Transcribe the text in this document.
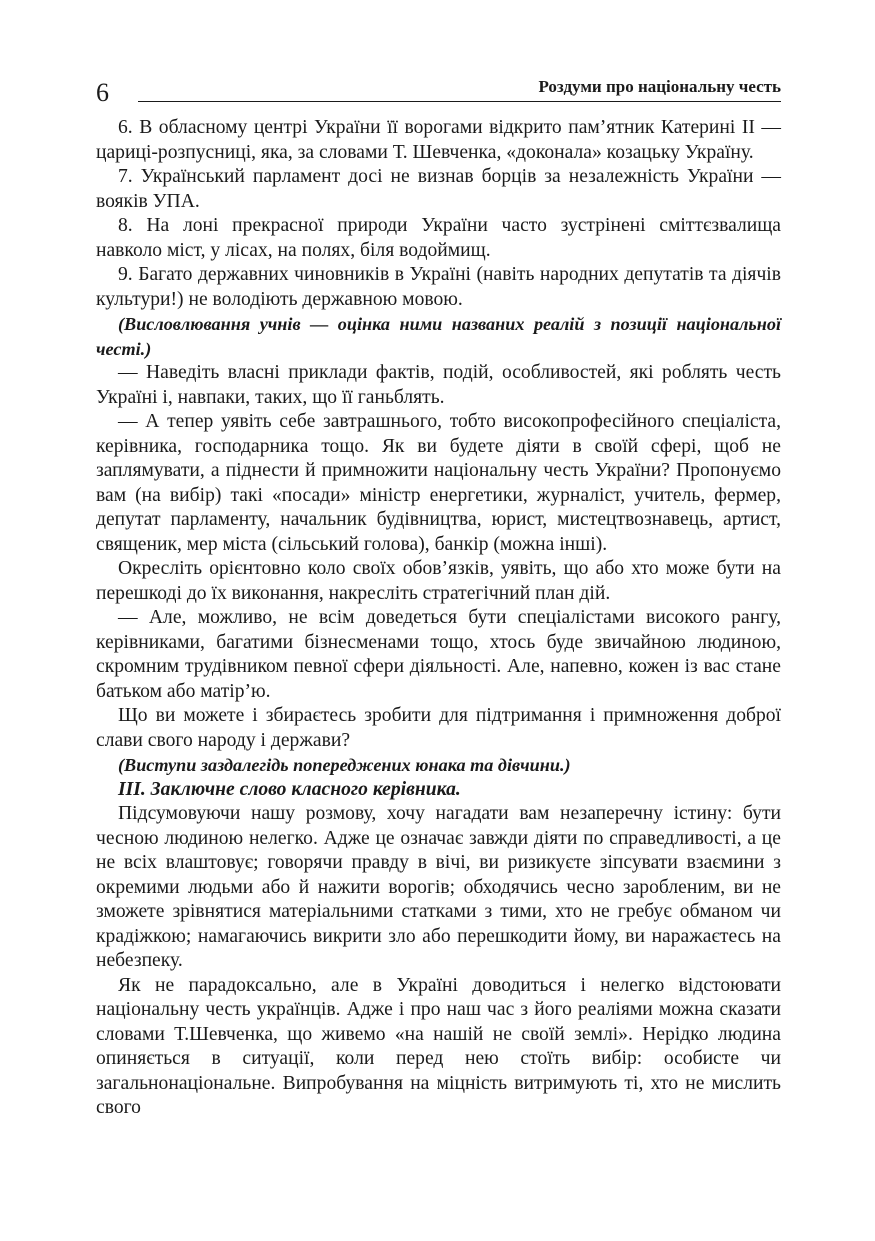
6	Роздуми про національну честь

6. В обласному центрі України її ворогами відкрито пам’ятник Катерині ІІ — цариці-розпусниці, яка, за словами Т. Шевченка, «доконала» козацьку Україну.

7. Український парламент досі не визнав борців за незалежність України — вояків УПА.

8. На лоні прекрасної природи України часто зустрінені сміттєзвалища навколо міст, у лісах, на полях, біля водоймищ.

9. Багато державних чиновників в Україні (навіть народних депутатів та діячів культури!) не володіють державною мовою.

(Висловлювання учнів — оцінка ними названих реалій з позиції національної честі.)

— Наведіть власні приклади фактів, подій, особливостей, які роблять честь Україні і, навпаки, таких, що її ганьблять.

— А тепер уявіть себе завтрашнього, тобто високопрофесійного спеціаліста, керівника, господарника тощо. Як ви будете діяти в своїй сфері, щоб не заплямувати, а піднести й примножити національну честь України? Пропонуємо вам (на вибір) такі «посади» міністр енергетики, журналіст, учитель, фермер, депутат парламенту, начальник будівництва, юрист, мистецтвознавець, артист, священик, мер міста (сільський голова), банкір (можна інші).

Окресліть орієнтовно коло своїх обов’язків, уявіть, що або хто може бути на перешкоді до їх виконання, накресліть стратегічний план дій.

— Але, можливо, не всім доведеться бути спеціалістами високого рангу, керівниками, багатими бізнесменами тощо, хтось буде звичайною людиною, скромним трудівником певної сфери діяльності. Але, напевно, кожен із вас стане батьком або матір’ю.

Що ви можете і збираєтесь зробити для підтримання і примноження доброї слави свого народу і держави?

(Виступи заздалегідь попереджених юнака та дівчини.)

ІІІ. Заключне слово класного керівника.

Підсумовуючи нашу розмову, хочу нагадати вам незаперечну істину: бути чесною людиною нелегко. Адже це означає завжди діяти по справедливості, а це не всіх влаштовує; говорячи правду в вічі, ви ризикуєте зіпсувати взаємини з окремими людьми або й нажити ворогів; обходячись чесно заробленим, ви не зможете зрівнятися матеріальними статками з тими, хто не гребує обманом чи крадіжкою; намагаючись викрити зло або перешкодити йому, ви наражаєтесь на небезпеку.

Як не парадоксально, але в Україні доводиться і нелегко відстоювати національну честь українців. Адже і про наш час з його реаліями можна сказати словами Т.Шевченка, що живемо «на нашій не своїй землі». Нерідко людина опиняється в ситуації, коли перед нею стоїть вибір: особисте чи загальнонаціональне. Випробування на міцність витримують ті, хто не мислить свого
